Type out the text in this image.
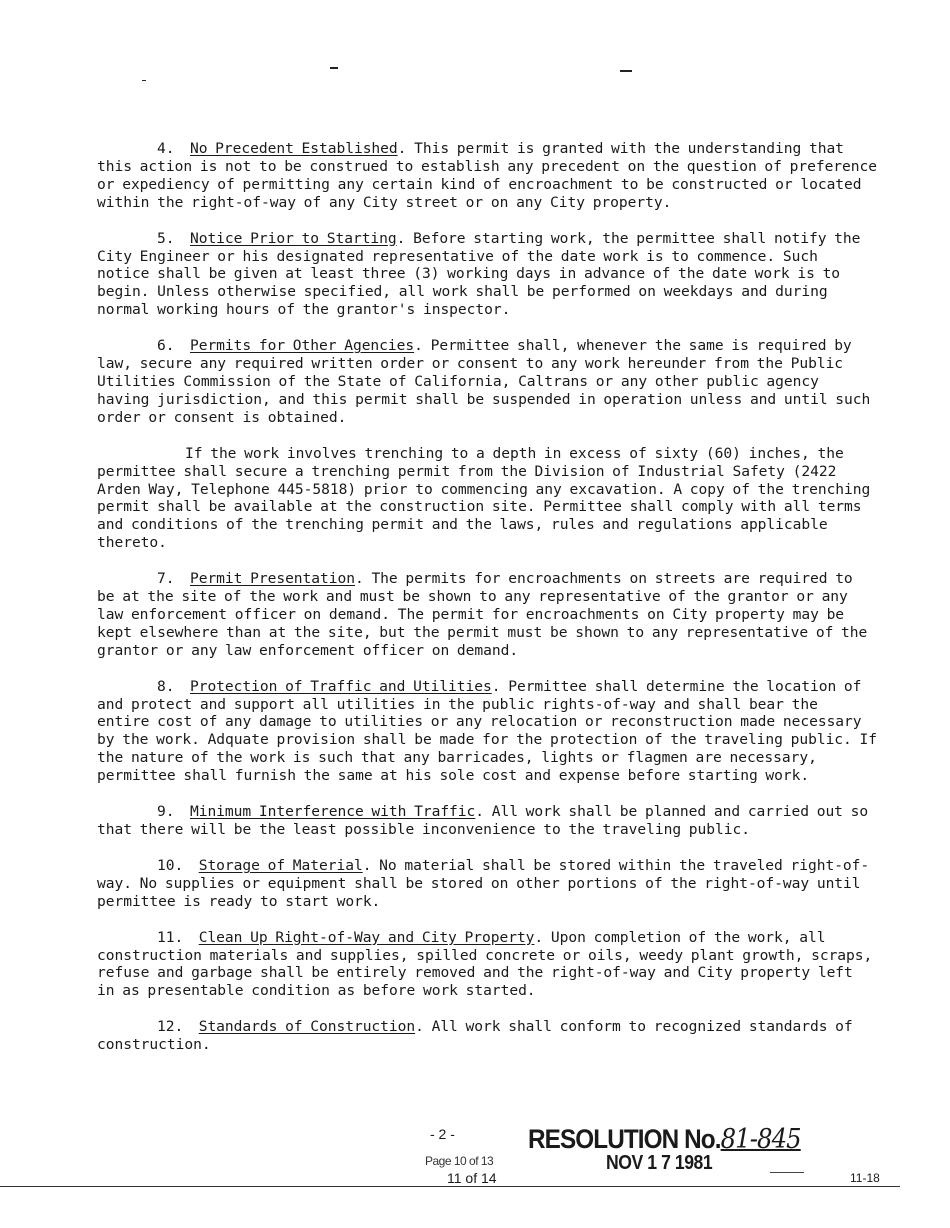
4. No Precedent Established. This permit is granted with the understanding that this action is not to be construed to establish any precedent on the question of preference or expediency of permitting any certain kind of encroachment to be constructed or located within the right-of-way of any City street or on any City property.

5. Notice Prior to Starting. Before starting work, the permittee shall notify the City Engineer or his designated representative of the date work is to commence. Such notice shall be given at least three (3) working days in advance of the date work is to begin. Unless otherwise specified, all work shall be performed on weekdays and during normal working hours of the grantor's inspector.

6. Permits for Other Agencies. Permittee shall, whenever the same is required by law, secure any required written order or consent to any work hereunder from the Public Utilities Commission of the State of California, Caltrans or any other public agency having jurisdiction, and this permit shall be suspended in operation unless and until such order or consent is obtained.

If the work involves trenching to a depth in excess of sixty (60) inches, the permittee shall secure a trenching permit from the Division of Industrial Safety (2422 Arden Way, Telephone 445-5818) prior to commencing any excavation. A copy of the trenching permit shall be available at the construction site. Permittee shall comply with all terms and conditions of the trenching permit and the laws, rules and regulations applicable thereto.

7. Permit Presentation. The permits for encroachments on streets are required to be at the site of the work and must be shown to any representative of the grantor or any law enforcement officer on demand. The permit for encroachments on City property may be kept elsewhere than at the site, but the permit must be shown to any representative of the grantor or any law enforcement officer on demand.

8. Protection of Traffic and Utilities. Permittee shall determine the location of and protect and support all utilities in the public rights-of-way and shall bear the entire cost of any damage to utilities or any relocation or reconstruction made necessary by the work. Adquate provision shall be made for the protection of the traveling public. If the nature of the work is such that any barricades, lights or flagmen are necessary, permittee shall furnish the same at his sole cost and expense before starting work.

9. Minimum Interference with Traffic. All work shall be planned and carried out so that there will be the least possible inconvenience to the traveling public.

10. Storage of Material. No material shall be stored within the traveled right-of-way. No supplies or equipment shall be stored on other portions of the right-of-way until permittee is ready to start work.

11. Clean Up Right-of-Way and City Property. Upon completion of the work, all construction materials and supplies, spilled concrete or oils, weedy plant growth, scraps, refuse and garbage shall be entirely removed and the right-of-way and City property left in as presentable condition as before work started.

12. Standards of Construction. All work shall conform to recognized standards of construction.

- 2 -
Page 10 of 13
11 of 14
RESOLUTION No.81-845
NOV 1 7 1981
11-18
